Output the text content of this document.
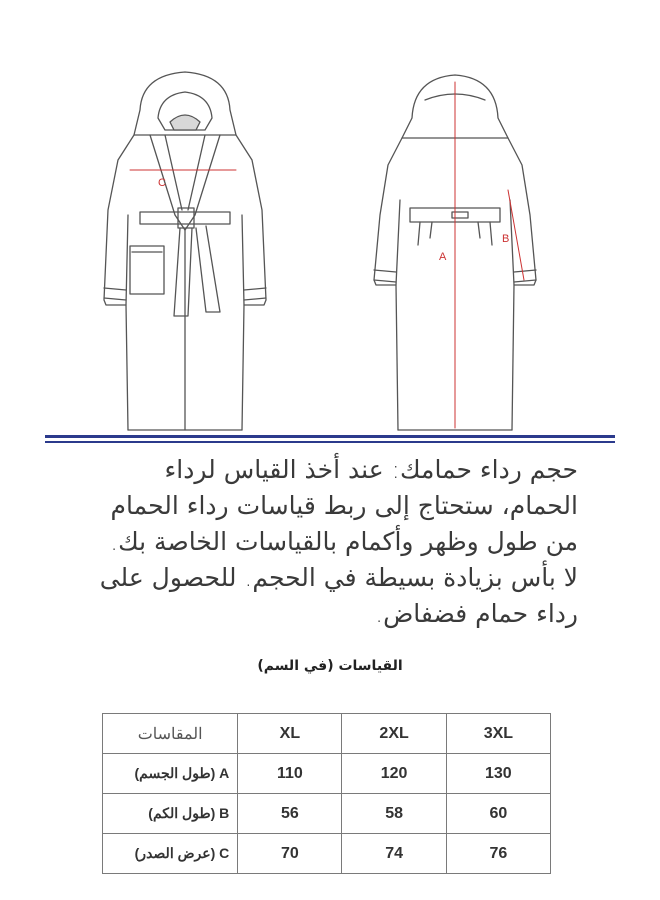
C
A
B
حجم رداء حمامك: عند أخذ القياس لرداء
الحمام، ستحتاج إلى ربط قياسات رداء الحمام
من طول وظهر وأكمام بالقياسات الخاصة بك.
لا بأس بزيادة بسيطة في الحجم. للحصول على
رداء حمام فضفاض.
القياسات (في السم)
المقاسات	XL	2XL	3XL
A (طول الجسم)	110	120	130
B (طول الكم)	56	58	60
C (عرض الصدر)	70	74	76
